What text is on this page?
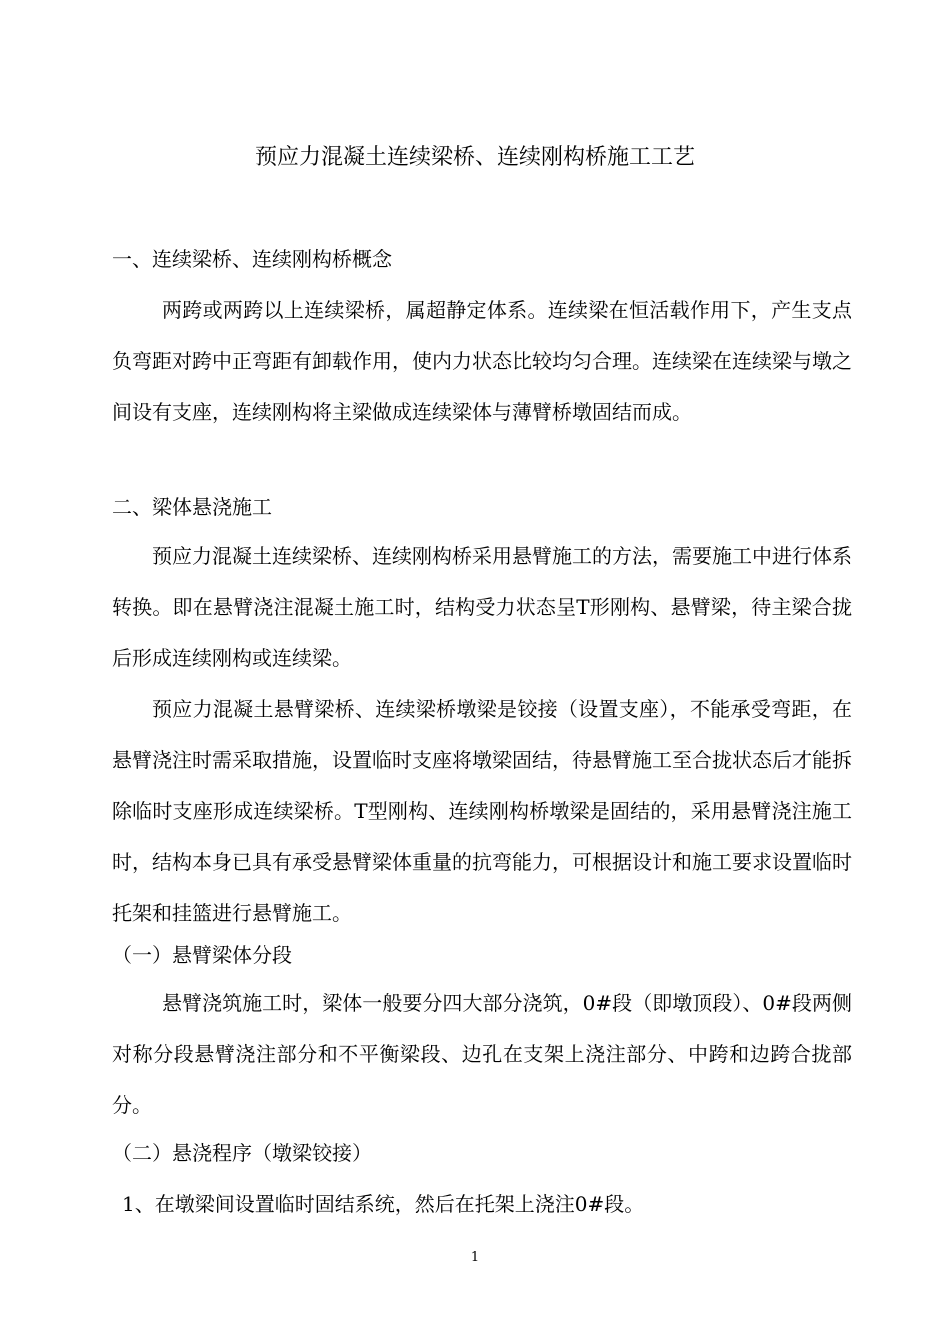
预应力混凝土连续梁桥、连续刚构桥施工工艺
一、连续梁桥、连续刚构桥概念

两跨或两跨以上连续梁桥，属超静定体系。连续梁在恒活载作用下，产生支点负弯距对跨中正弯距有卸载作用，使内力状态比较均匀合理。连续梁在连续梁与墩之间设有支座，连续刚构将主梁做成连续梁体与薄臂桥墩固结而成。

二、梁体悬浇施工

预应力混凝土连续梁桥、连续刚构桥采用悬臂施工的方法，需要施工中进行体系转换。即在悬臂浇注混凝土施工时，结构受力状态呈T形刚构、悬臂梁，待主梁合拢后形成连续刚构或连续梁。

预应力混凝土悬臂梁桥、连续梁桥墩梁是铰接（设置支座），不能承受弯距，在悬臂浇注时需采取措施，设置临时支座将墩梁固结，待悬臂施工至合拢状态后才能拆除临时支座形成连续梁桥。T型刚构、连续刚构桥墩梁是固结的，采用悬臂浇注施工时，结构本身已具有承受悬臂梁体重量的抗弯能力，可根据设计和施工要求设置临时托架和挂篮进行悬臂施工。

（一）悬臂梁体分段

悬臂浇筑施工时，梁体一般要分四大部分浇筑，0#段（即墩顶段）、0#段两侧对称分段悬臂浇注部分和不平衡梁段、边孔在支架上浇注部分、中跨和边跨合拢部分。

（二）悬浇程序（墩梁铰接）
1、在墩梁间设置临时固结系统，然后在托架上浇注0#段。
1
